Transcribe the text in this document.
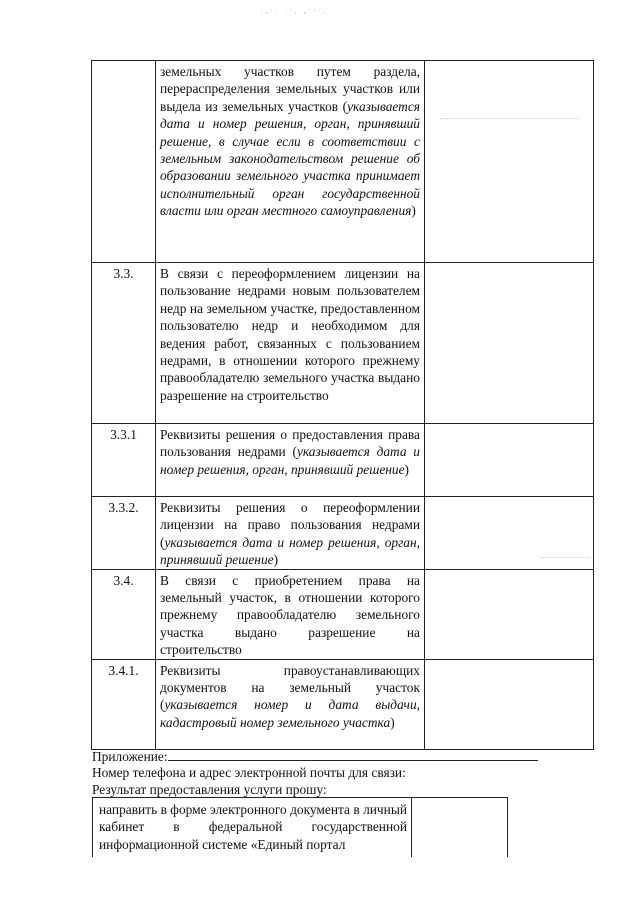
·ꞏ˙˙ ˙˙· ꞏ˙˙˙·
	земельных участков путем раздела, перераспределения земельных участков или выдела из земельных участков (указывается дата и номер решения, орган, принявший решение, в случае если в соответствии с земельным законодательством решение об образовании земельного участка принимает исполнительный орган государственной власти или орган местного самоуправления)	
3.3.	В связи с переоформлением лицензии на пользование недрами новым пользователем недр на земельном участке, предоставленном пользователю недр и необходимом для ведения работ, связанных с пользованием недрами, в отношении которого прежнему правообладателю земельного участка выдано разрешение на строительство	
3.3.1	Реквизиты решения о предоставления права пользования недрами (указывается дата и номер решения, орган, принявший решение)	
3.3.2.	Реквизиты решения о переоформлении лицензии на право пользования недрами (указывается дата и номер решения, орган, принявший решение)	
3.4.	В связи с приобретением права на земельный участок, в отношении которого прежнему правообладателю земельного участка выдано разрешение на строительство	
3.4.1.	Реквизиты правоустанавливающих документов на земельный участок (указывается номер и дата выдачи, кадастровый номер земельного участка)	
Приложение:
Номер телефона и адрес электронной почты для связи:
Результат предоставления услуги прошу:
направить в форме электронного документа в личный кабинет в федеральной государственной информационной системе «Единый портал	
